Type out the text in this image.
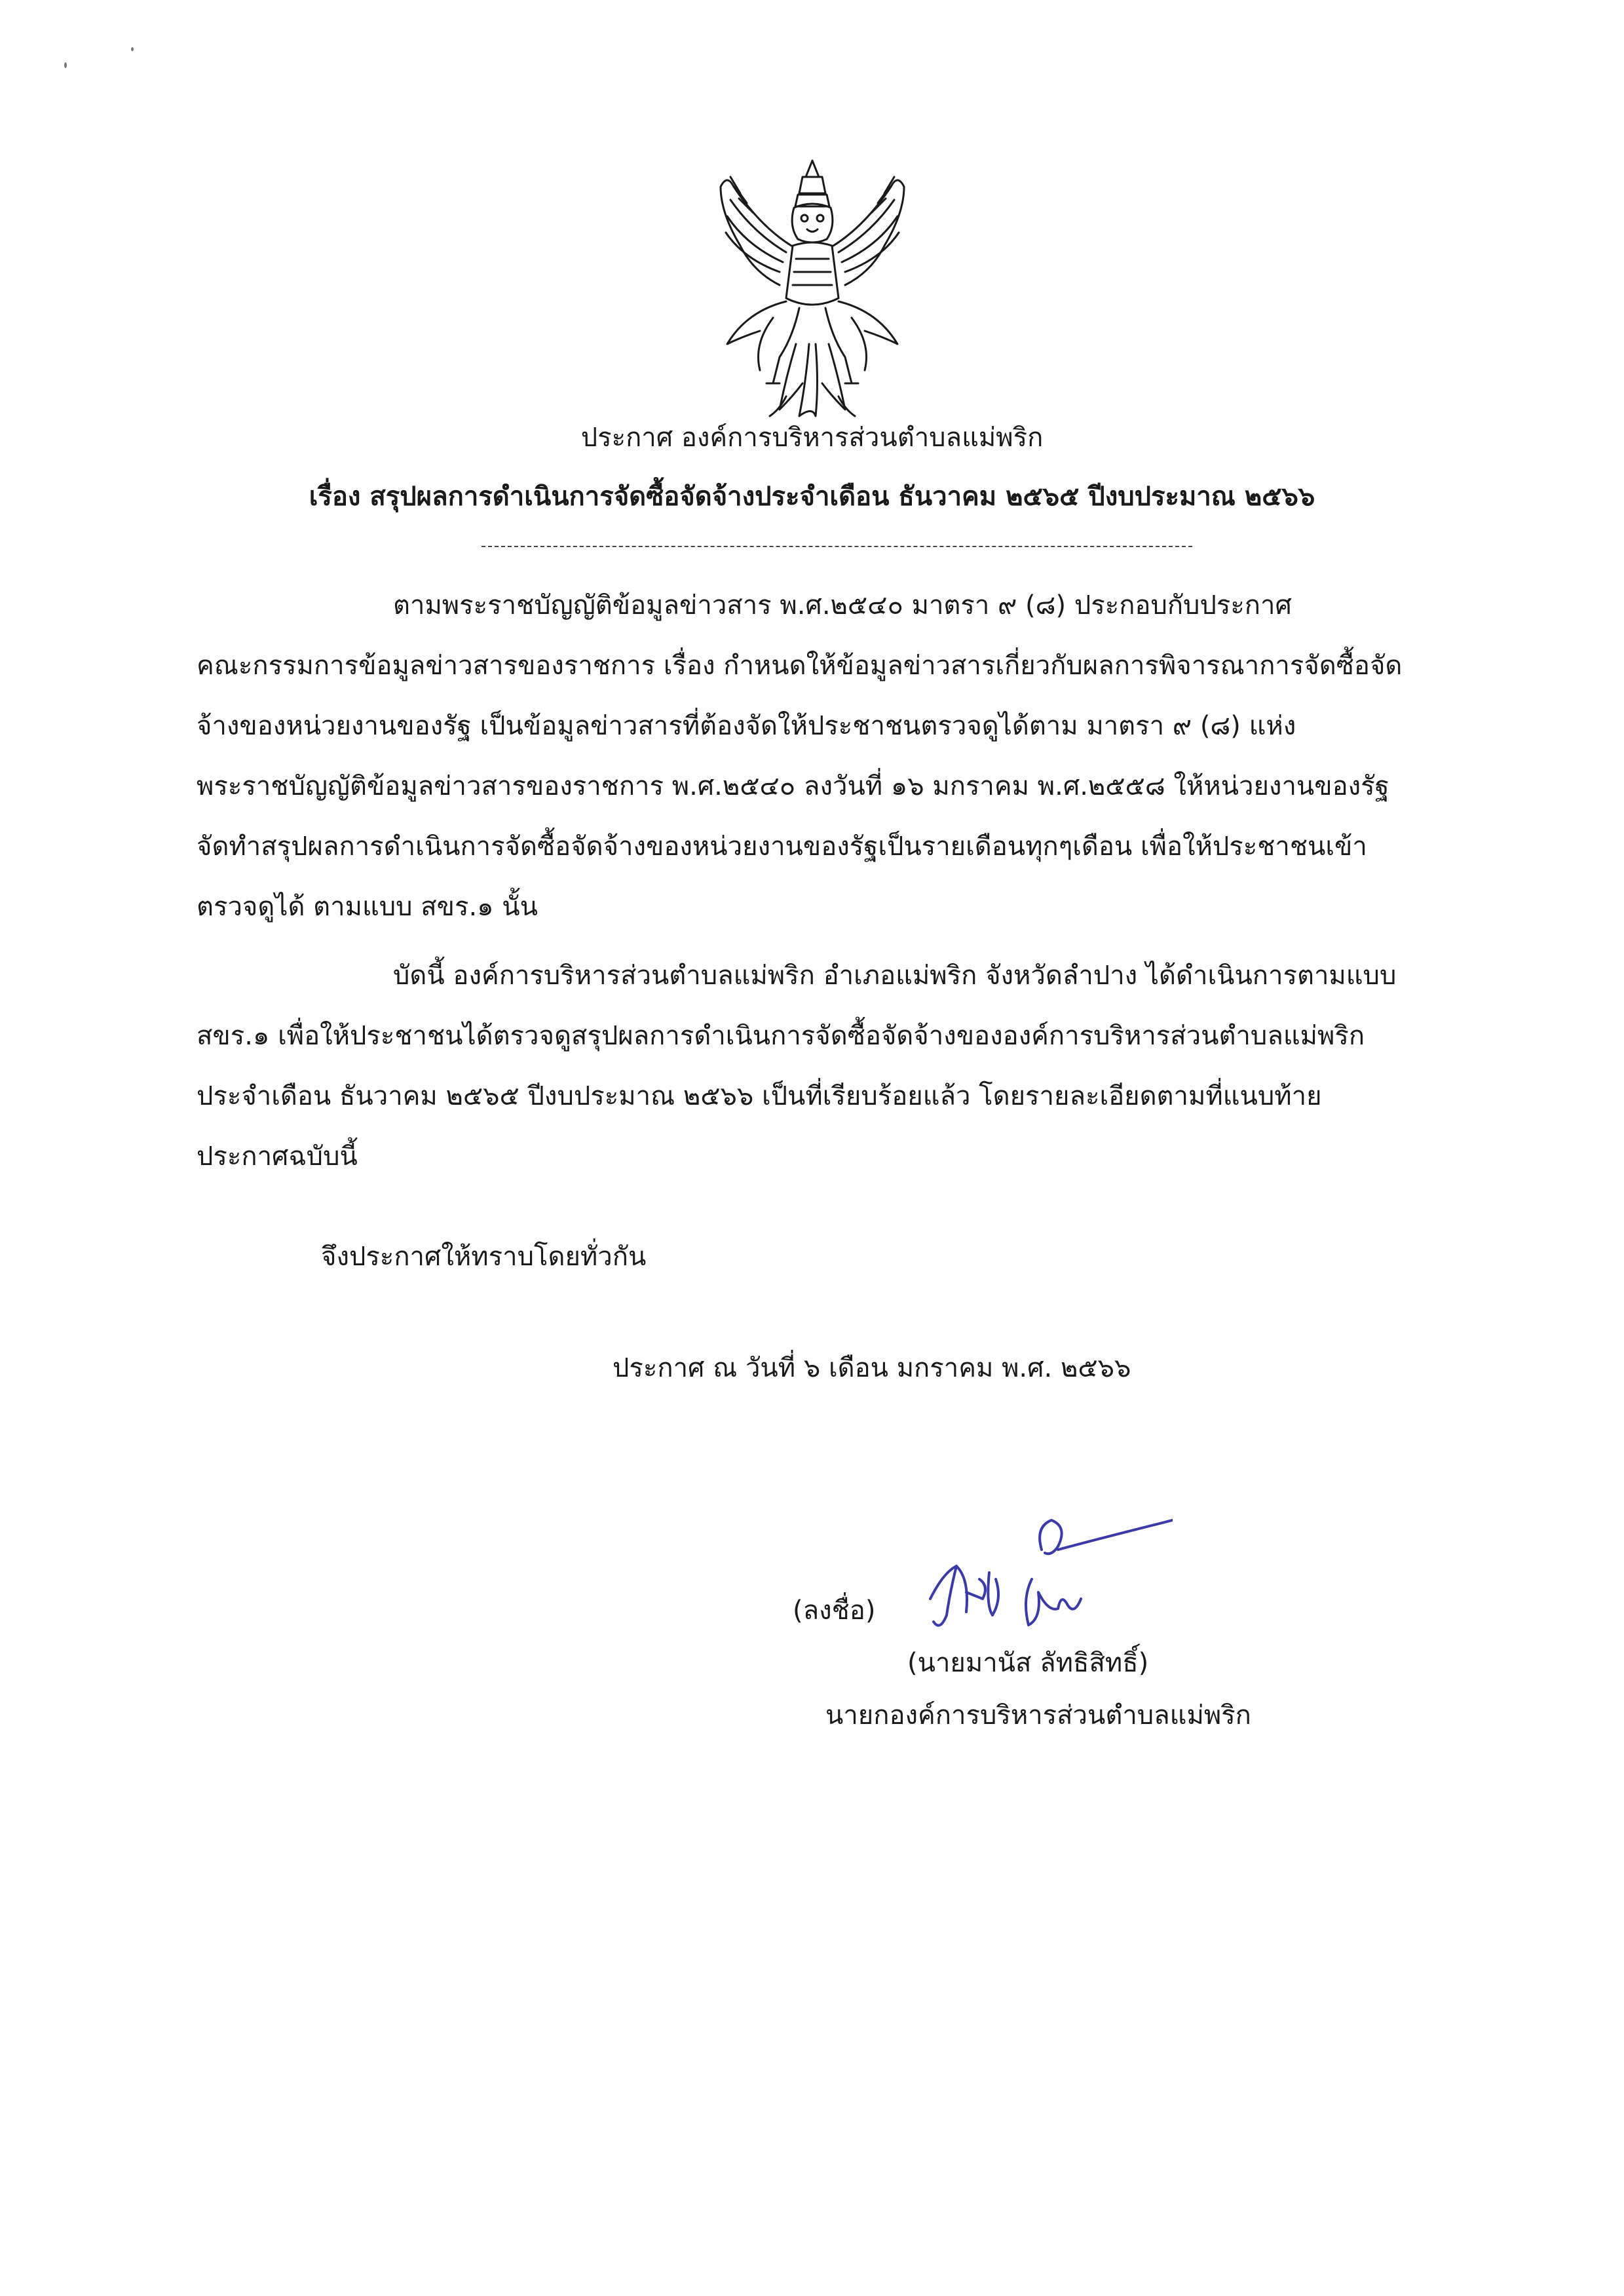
ประกาศ องค์การบริหารส่วนตำบลแม่พริก
เรื่อง สรุปผลการดำเนินการจัดซื้อจัดจ้างประจำเดือน ธันวาคม ๒๕๖๕ ปีงบประมาณ ๒๕๖๖
ตามพระราชบัญญัติข้อมูลข่าวสาร พ.ศ.๒๕๔๐ มาตรา ๙ (๘) ประกอบกับประกาศ
คณะกรรมการข้อมูลข่าวสารของราชการ เรื่อง กำหนดให้ข้อมูลข่าวสารเกี่ยวกับผลการพิจารณาการจัดซื้อจัด
จ้างของหน่วยงานของรัฐ เป็นข้อมูลข่าวสารที่ต้องจัดให้ประชาชนตรวจดูได้ตาม มาตรา ๙ (๘) แห่ง
พระราชบัญญัติข้อมูลข่าวสารของราชการ พ.ศ.๒๕๔๐ ลงวันที่ ๑๖ มกราคม พ.ศ.๒๕๕๘ ให้หน่วยงานของรัฐ
จัดทำสรุปผลการดำเนินการจัดซื้อจัดจ้างของหน่วยงานของรัฐเป็นรายเดือนทุกๆเดือน เพื่อให้ประชาชนเข้า
ตรวจดูได้ ตามแบบ สขร.๑ นั้น
บัดนี้ องค์การบริหารส่วนตำบลแม่พริก อำเภอแม่พริก จังหวัดลำปาง ได้ดำเนินการตามแบบ
สขร.๑ เพื่อให้ประชาชนได้ตรวจดูสรุปผลการดำเนินการจัดซื้อจัดจ้างขององค์การบริหารส่วนตำบลแม่พริก
ประจำเดือน ธันวาคม ๒๕๖๕ ปีงบประมาณ ๒๕๖๖ เป็นที่เรียบร้อยแล้ว โดยรายละเอียดตามที่แนบท้าย
ประกาศฉบับนี้
จึงประกาศให้ทราบโดยทั่วกัน
ประกาศ ณ วันที่ ๖ เดือน มกราคม พ.ศ. ๒๕๖๖
(ลงชื่อ)
(นายมานัส ลัทธิสิทธิ์)
นายกองค์การบริหารส่วนตำบลแม่พริก
